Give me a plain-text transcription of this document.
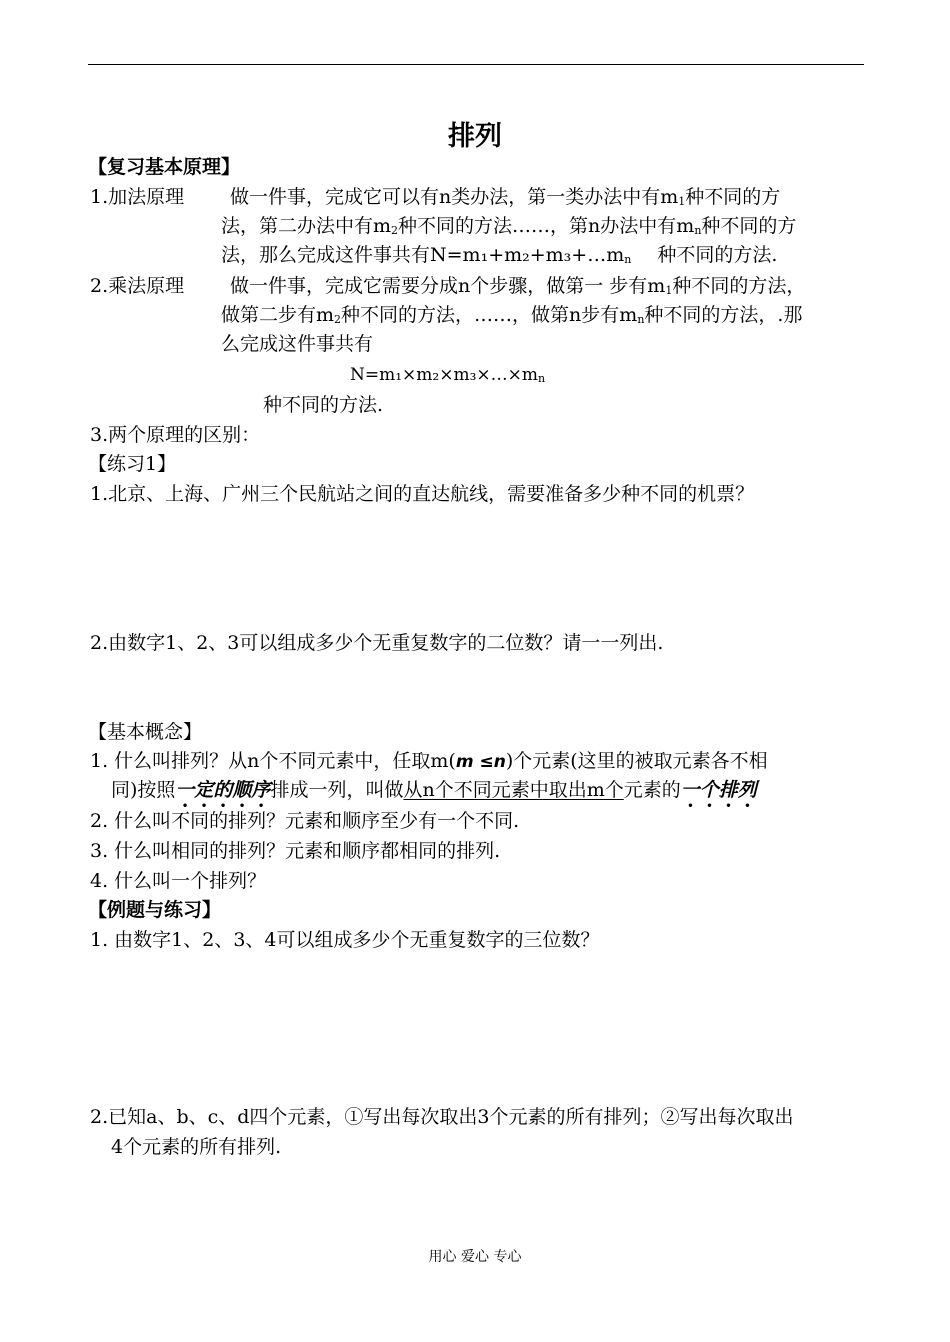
排列
【复习基本原理】
1.加法原理 做一件事，完成它可以有n类办法，第一类办法中有$m_1$种不同的方
法，第二办法中有$m_2$种不同的方法……，第n办法中有$m_n$种不同的方
法，那么完成这件事共有$N=m_1+m_2+m_3+\dots m_n$ 种不同的方法.
2.乘法原理 做一件事，完成它需要分成n个步骤，做第一 步有$m_1$种不同的方法，
做第二步有$m_2$种不同的方法，……，做第n步有$m_n$种不同的方法，.那
么完成这件事共有
$N=m_1\times m_2\times m_3\times\dots\times m_n$
种不同的方法.
3.两个原理的区别：
【练习1】
1.北京、上海、广州三个民航站之间的直达航线，需要准备多少种不同的机票？
2.由数字1、2、3可以组成多少个无重复数字的二位数？请一一列出.
【基本概念】
1. 什么叫排列？从n个不同元素中，任取m(m ≤n)个元素(这里的被取元素各不相
同)按照一定的顺序排成一列，叫做从n个不同元素中取出m个元素的一个排列
2. 什么叫不同的排列？元素和顺序至少有一个不同.
3. 什么叫相同的排列？元素和顺序都相同的排列.
4. 什么叫一个排列？
【例题与练习】
1. 由数字1、2、3、4可以组成多少个无重复数字的三位数？
2.已知a、b、c、d四个元素，①写出每次取出3个元素的所有排列；②写出每次取出
4个元素的所有排列.
用心 爱心 专心
